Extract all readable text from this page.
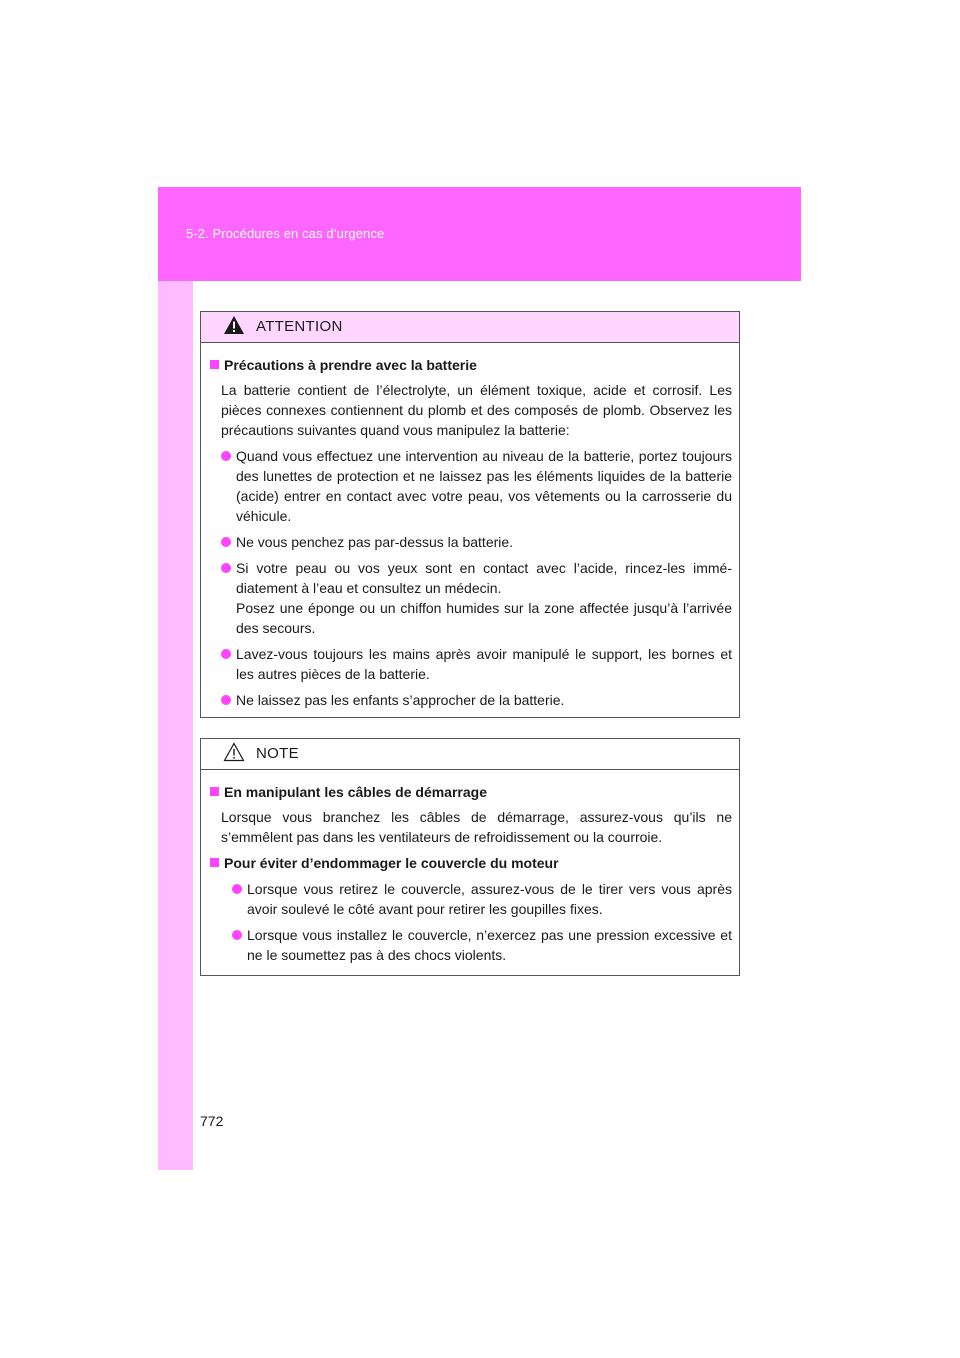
5-2. Procédures en cas d’urgence
ATTENTION
Précautions à prendre avec la batterie
La batterie contient de l’électrolyte, un élément toxique, acide et corrosif. Les pièces connexes contiennent du plomb et des composés de plomb. Observez les précautions suivantes quand vous manipulez la batterie:
Quand vous effectuez une intervention au niveau de la batterie, portez toujours des lunettes de protection et ne laissez pas les éléments liquides de la batterie (acide) entrer en contact avec votre peau, vos vêtements ou la carrosserie du véhicule.
Ne vous penchez pas par-dessus la batterie.
Si votre peau ou vos yeux sont en contact avec l’acide, rincez-les immé-diatement à l’eau et consultez un médecin.
Posez une éponge ou un chiffon humides sur la zone affectée jusqu’à l’arrivée des secours.
Lavez-vous toujours les mains après avoir manipulé le support, les bornes et les autres pièces de la batterie.
Ne laissez pas les enfants s’approcher de la batterie.
NOTE
En manipulant les câbles de démarrage
Lorsque vous branchez les câbles de démarrage, assurez-vous qu’ils ne s’emmêlent pas dans les ventilateurs de refroidissement ou la courroie.
Pour éviter d’endommager le couvercle du moteur
Lorsque vous retirez le couvercle, assurez-vous de le tirer vers vous après avoir soulevé le côté avant pour retirer les goupilles fixes.
Lorsque vous installez le couvercle, n’exercez pas une pression excessive et ne le soumettez pas à des chocs violents.
772
